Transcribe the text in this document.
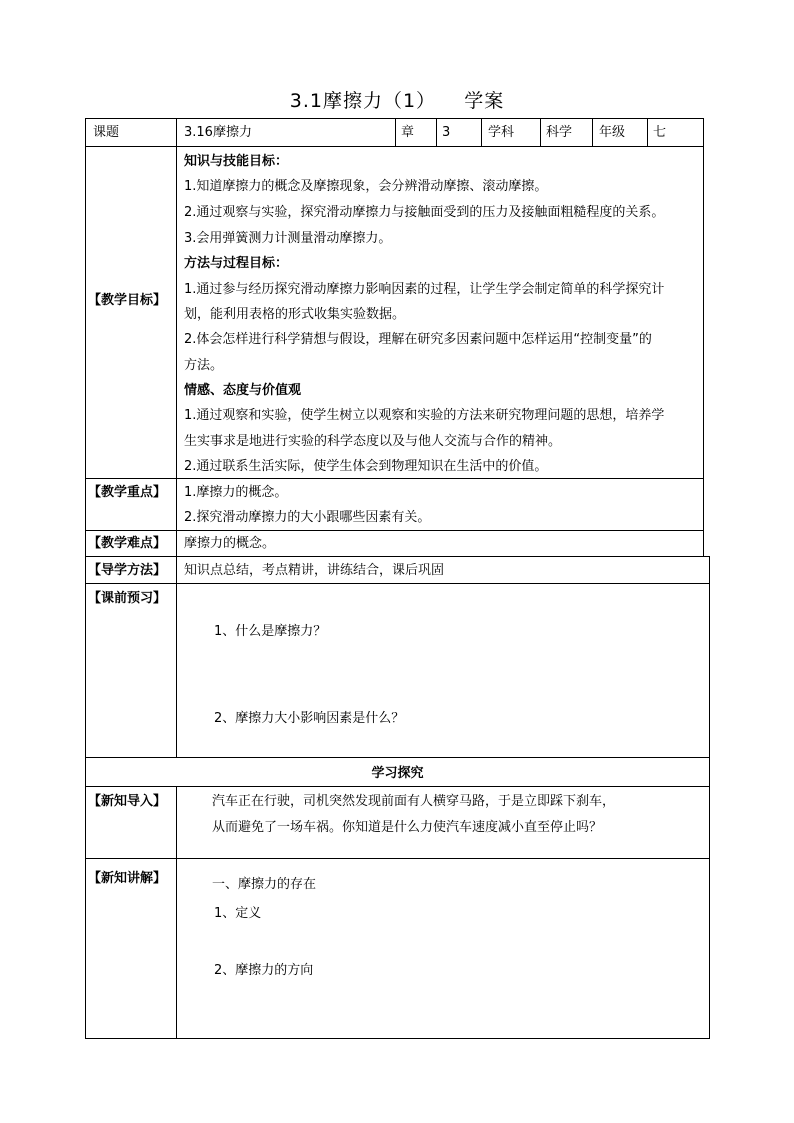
3.1摩擦力（1） 学案
课题	3.16摩擦力	章 3	学科 科学 年级 七
【教学目标】
知识与技能目标：
1.知道摩擦力的概念及摩擦现象，会分辨滑动摩擦、滚动摩擦。
2.通过观察与实验，探究滑动摩擦力与接触面受到的压力及接触面粗糙程度的关系。
3.会用弹簧测力计测量滑动摩擦力。
方法与过程目标：
1.通过参与经历探究滑动摩擦力影响因素的过程，让学生学会制定简单的科学探究计
划，能利用表格的形式收集实验数据。
2.体会怎样进行科学猜想与假设，理解在研究多因素问题中怎样运用“控制变量”的
方法。
情感、态度与价值观
1.通过观察和实验，使学生树立以观察和实验的方法来研究物理问题的思想，培养学
生实事求是地进行实验的科学态度以及与他人交流与合作的精神。
2.通过联系生活实际，使学生体会到物理知识在生活中的价值。
【教学重点】 1.摩擦力的概念。
2.探究滑动摩擦力的大小跟哪些因素有关。
【教学难点】 摩擦力的概念。
【导学方法】 知识点总结，考点精讲，讲练结合，课后巩固
【课前预习】
1、什么是摩擦力？
2、摩擦力大小影响因素是什么？
学习探究
【新知导入】	汽车正在行驶，司机突然发现前面有人横穿马路，于是立即踩下刹车，
从而避免了一场车祸。你知道是什么力使汽车速度减小直至停止吗？
【新知讲解】	一、摩擦力的存在
1、定义
2、摩擦力的方向
